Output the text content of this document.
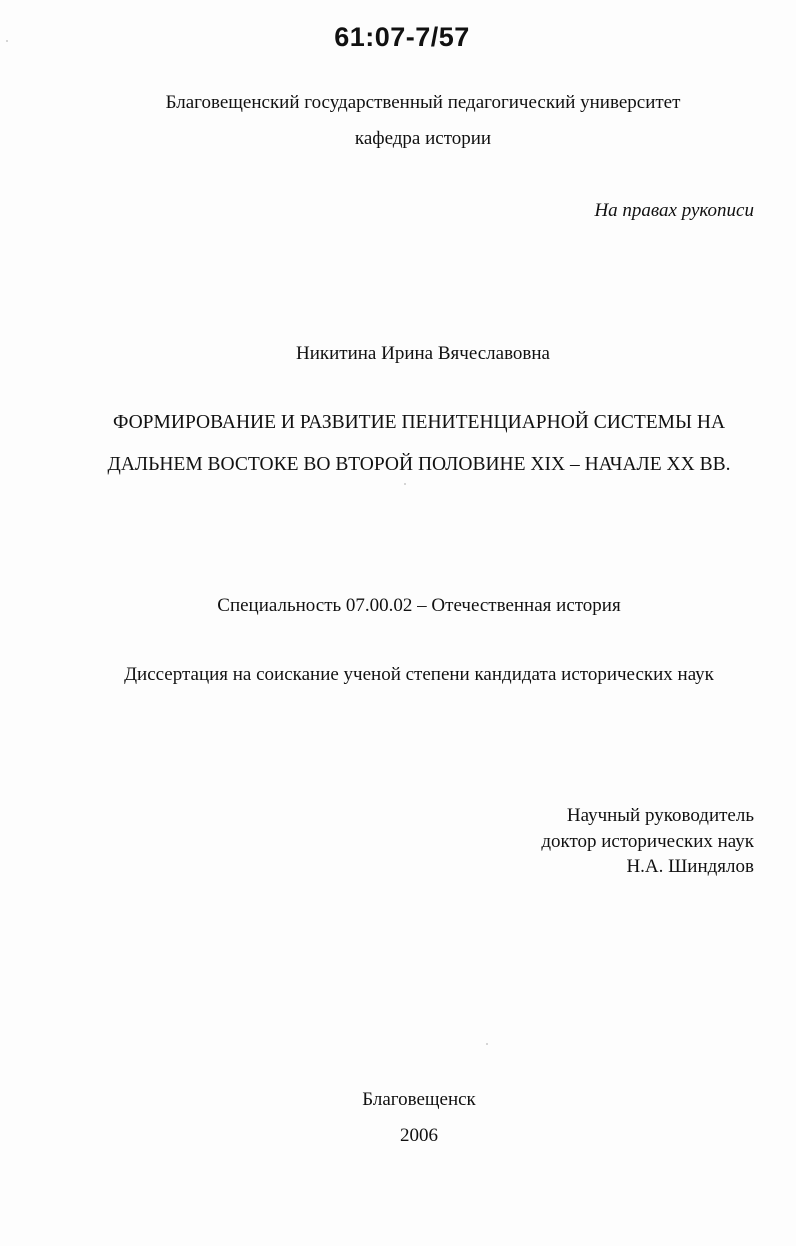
61:07-7/57
Благовещенский государственный педагогический университет
кафедра истории
На правах рукописи
Никитина Ирина Вячеславовна
ФОРМИРОВАНИЕ И РАЗВИТИЕ ПЕНИТЕНЦИАРНОЙ СИСТЕМЫ НА
ДАЛЬНЕМ ВОСТОКЕ ВО ВТОРОЙ ПОЛОВИНЕ XIX – НАЧАЛЕ XX ВВ.
Специальность 07.00.02 – Отечественная история
Диссертация на соискание ученой степени кандидата исторических наук
Научный руководитель
доктор исторических наук
Н.А. Шиндялов
Благовещенск
2006
